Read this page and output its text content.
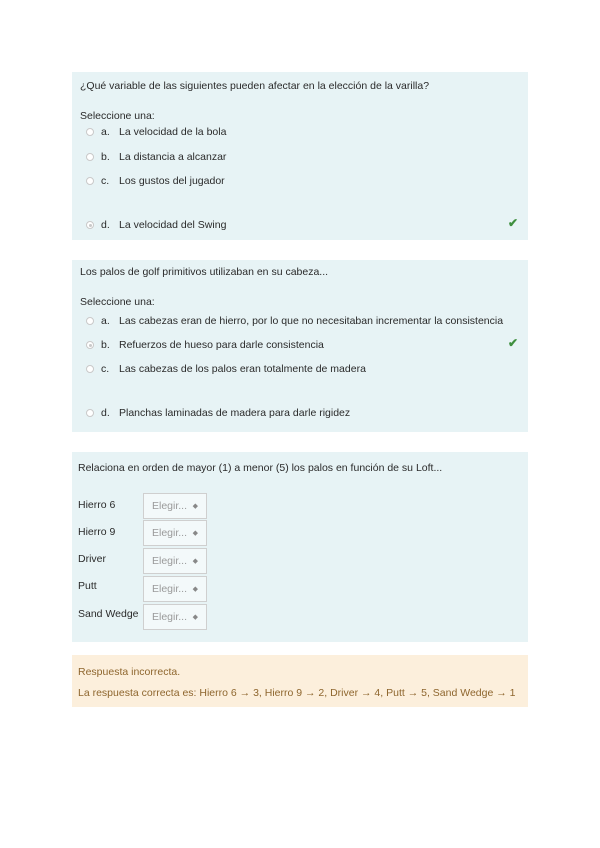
¿Qué variable de las siguientes pueden afectar en la elección de la varilla?
Seleccione una:
a. La velocidad de la bola
b. La distancia a alcanzar
c. Los gustos del jugador
d. La velocidad del Swing	✔
Los palos de golf primitivos utilizaban en su cabeza...
Seleccione una:
a. Las cabezas eran de hierro, por lo que no necesitaban incrementar la consistencia
b. Refuerzos de hueso para darle consistencia
c. Las cabezas de los palos eran totalmente de madera
d. Planchas laminadas de madera para darle rigidez
✔
Relaciona en orden de mayor (1) a menor (5) los palos en función de su Loft...
Hierro 6	Elegir... ◆
Hierro 9	Elegir... ◆
Driver	Elegir... ◆
Putt	Elegir... ◆
Sand Wedge	Elegir... ◆
Respuesta incorrecta.
La respuesta correcta es: Hierro 6 → 3, Hierro 9 → 2, Driver → 4, Putt → 5, Sand Wedge → 1
